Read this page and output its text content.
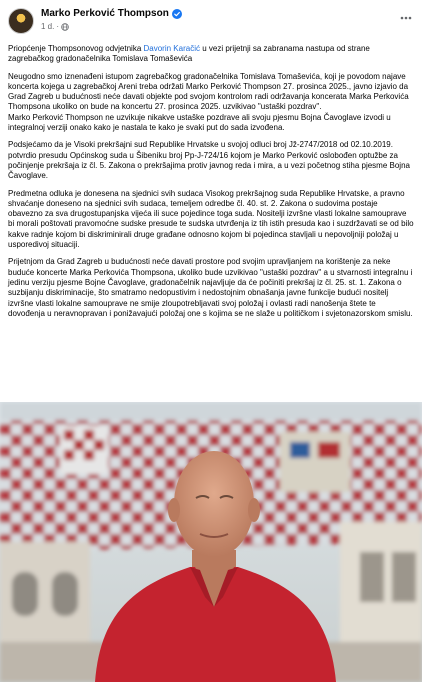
Marko Perković Thompson
1 d. ·

Priopćenje Thompsonovog odvjetnika Davorin Karačić u vezi prijetnji sa zabranama nastupa od strane zagrebačkog gradonačelnika Tomislava Tomaševića

Neugodno smo iznenađeni istupom zagrebačkog gradonačelnika Tomislava Tomaševića, koji je povodom najave koncerta kojega u zagrebačkoj Areni treba održati Marko Perković Thompson 27. prosinca 2025., javno izjavio da Grad Zagreb u budućnosti neće davati objekte pod svojom kontrolom radi održavanja koncerata Marka Perkovića Thompsona ukoliko on bude na koncertu 27. prosinca 2025. uzvikivao "ustaški pozdrav".
Marko Perković Thompson ne uzvikuje nikakve ustaške pozdrave ali svoju pjesmu Bojna Čavoglave izvodi u integralnoj verziji onako kako je nastala te kako je svaki put do sada izvođena.

Podsjećamo da je Visoki prekršajni sud Republike Hrvatske u svojoj odluci broj Jž-2747/2018 od 02.10.2019. potvrdio presudu Općinskog suda u Šibeniku broj Pp-J-724/16 kojom je Marko Perković oslobođen optužbe za počinjenje prekršaja iz čl. 5. Zakona o prekršajima protiv javnog reda i mira, a u vezi početnog stiha pjesme Bojna Čavoglave.

Predmetna odluka je donesena na sjednici svih sudaca Visokog prekršajnog suda Republike Hrvatske, a pravno shvaćanje doneseno na sjednici svih sudaca, temeljem odredbe čl. 40. st. 2. Zakona o sudovima postaje obavezno za sva drugostupanjska vijeća ili suce pojedince toga suda. Nositelji izvršne vlasti lokalne samouprave bi morali poštovati pravomoćne sudske presude te sudska utvrđenja iz tih istih presuda kao i suzdržavati se od bilo kakve radnje kojom bi diskriminirali druge građane odnosno kojom bi pojedinca stavljali u nepovoljniji položaj u usporedivoj situaciji.

Prijetnjom da Grad Zagreb u budućnosti neće davati prostore pod svojim upravljanjem na korištenje za neke buduće koncerte Marka Perkovića Thompsona, ukoliko bude uzvikivao "ustaški pozdrav" a u stvarnosti integralnu i jedinu verziju pjesme Bojne Čavoglave, gradonačelnik najavljuje da će počiniti prekršaj iz čl. 25. st. 1. Zakona o suzbijanju diskriminacije, što smatramo nedopustivim i nedostojnim obnašanja javne funkcije budući nositelj izvršne vlasti lokalne samouprave ne smije zloupotrebljavati svoj položaj i ovlasti radi nanošenja štete te dovođenja u neravnopravan i ponižavajući položaj one s kojima se ne slaže u političkom i svjetonazorskom smislu.
